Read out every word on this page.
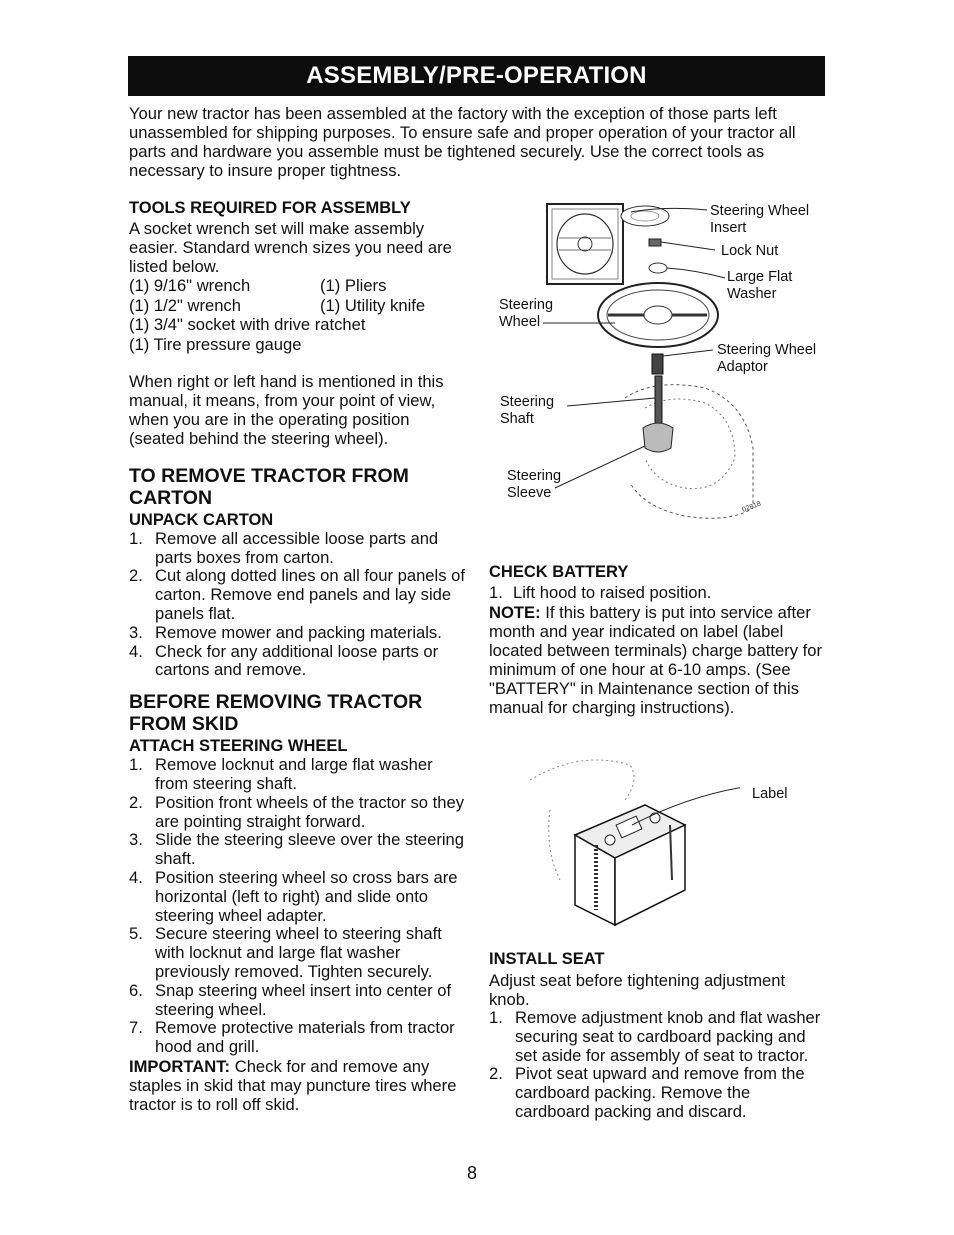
ASSEMBLY/PRE-OPERATION

Your new tractor has been assembled at the factory with the exception of those parts left unassembled for shipping purposes. To ensure safe and proper operation of your tractor all parts and hardware you assemble must be tightened securely. Use the correct tools as necessary to insure proper tightness.

TOOLS REQUIRED FOR ASSEMBLY

A socket wrench set will make assembly easier. Standard wrench sizes you need are listed below.

(1) 9/16" wrench	(1) Pliers
(1) 1/2" wrench	(1) Utility knife
(1) 3/4" socket with drive ratchet	
(1) Tire pressure gauge	

When right or left hand is mentioned in this manual, it means, from your point of view, when you are in the operating position (seated behind the steering wheel).

TO REMOVE TRACTOR FROM CARTON

UNPACK CARTON

1. Remove all accessible loose parts and parts boxes from carton.
2. Cut along dotted lines on all four panels of carton. Remove end panels and lay side panels flat.
3. Remove mower and packing materials.
4. Check for any additional loose parts or cartons and remove.

BEFORE REMOVING TRACTOR FROM SKID

ATTACH STEERING WHEEL

1. Remove locknut and large flat washer from steering shaft.
2. Position front wheels of the tractor so they are pointing straight forward.
3. Slide the steering sleeve over the steering shaft.
4. Position steering wheel so cross bars are horizontal (left to right) and slide onto steering wheel adapter.
5. Secure steering wheel to steering shaft with locknut and large flat washer previously removed. Tighten securely.
6. Snap steering wheel insert into center of steering wheel.
7. Remove protective materials from tractor hood and grill.

IMPORTANT: Check for and remove any staples in skid that may puncture tires where tractor is to roll off skid.

02818
Steering Wheel Insert
Lock Nut
Large Flat Washer
Steering Wheel
Steering Wheel Adaptor
Steering Shaft
Steering Sleeve

CHECK BATTERY

1. Lift hood to raised position.

NOTE: If this battery is put into service after month and year indicated on label (label located between terminals) charge battery for minimum of one hour at 6-10 amps. (See "BATTERY" in Maintenance section of this manual for charging instructions).

Label

INSTALL SEAT

Adjust seat before tightening adjustment knob.

1. Remove adjustment knob and flat washer securing seat to cardboard packing and set aside for assembly of seat to tractor.
2. Pivot seat upward and remove from the cardboard packing. Remove the cardboard packing and discard.
8
